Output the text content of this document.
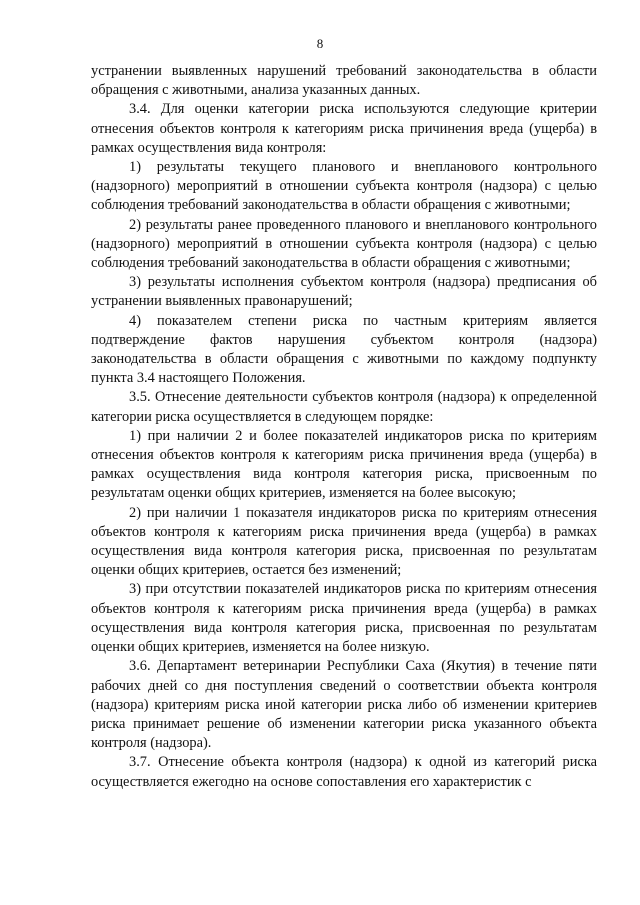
8

устранении выявленных нарушений требований законодательства в области обращения с животными, анализа указанных данных.

3.4. Для оценки категории риска используются следующие критерии отнесения объектов контроля к категориям риска причинения вреда (ущерба) в рамках осуществления вида контроля:

1) результаты текущего планового и внепланового контрольного (надзорного) мероприятий в отношении субъекта контроля (надзора) с целью соблюдения требований законодательства в области обращения с животными;

2) результаты ранее проведенного планового и внепланового контрольного (надзорного) мероприятий в отношении субъекта контроля (надзора) с целью соблюдения требований законодательства в области обращения с животными;

3) результаты исполнения субъектом контроля (надзора) предписания об устранении выявленных правонарушений;

4) показателем степени риска по частным критериям является подтверждение фактов нарушения субъектом контроля (надзора) законодательства в области обращения с животными по каждому подпункту пункта 3.4 настоящего Положения.

3.5. Отнесение деятельности субъектов контроля (надзора) к определенной категории риска осуществляется в следующем порядке:

1) при наличии 2 и более показателей индикаторов риска по критериям отнесения объектов контроля к категориям риска причинения вреда (ущерба) в рамках осуществления вида контроля категория риска, присвоенным по результатам оценки общих критериев, изменяется на более высокую;

2) при наличии 1 показателя индикаторов риска по критериям отнесения объектов контроля к категориям риска причинения вреда (ущерба) в рамках осуществления вида контроля категория риска, присвоенная по результатам оценки общих критериев, остается без изменений;

3) при отсутствии показателей индикаторов риска по критериям отнесения объектов контроля к категориям риска причинения вреда (ущерба) в рамках осуществления вида контроля категория риска, присвоенная по результатам оценки общих критериев, изменяется на более низкую.

3.6. Департамент ветеринарии Республики Саха (Якутия) в течение пяти рабочих дней со дня поступления сведений о соответствии объекта контроля (надзора) критериям риска иной категории риска либо об изменении критериев риска принимает решение об изменении категории риска указанного объекта контроля (надзора).

3.7. Отнесение объекта контроля (надзора) к одной из категорий риска осуществляется ежегодно на основе сопоставления его характеристик с
